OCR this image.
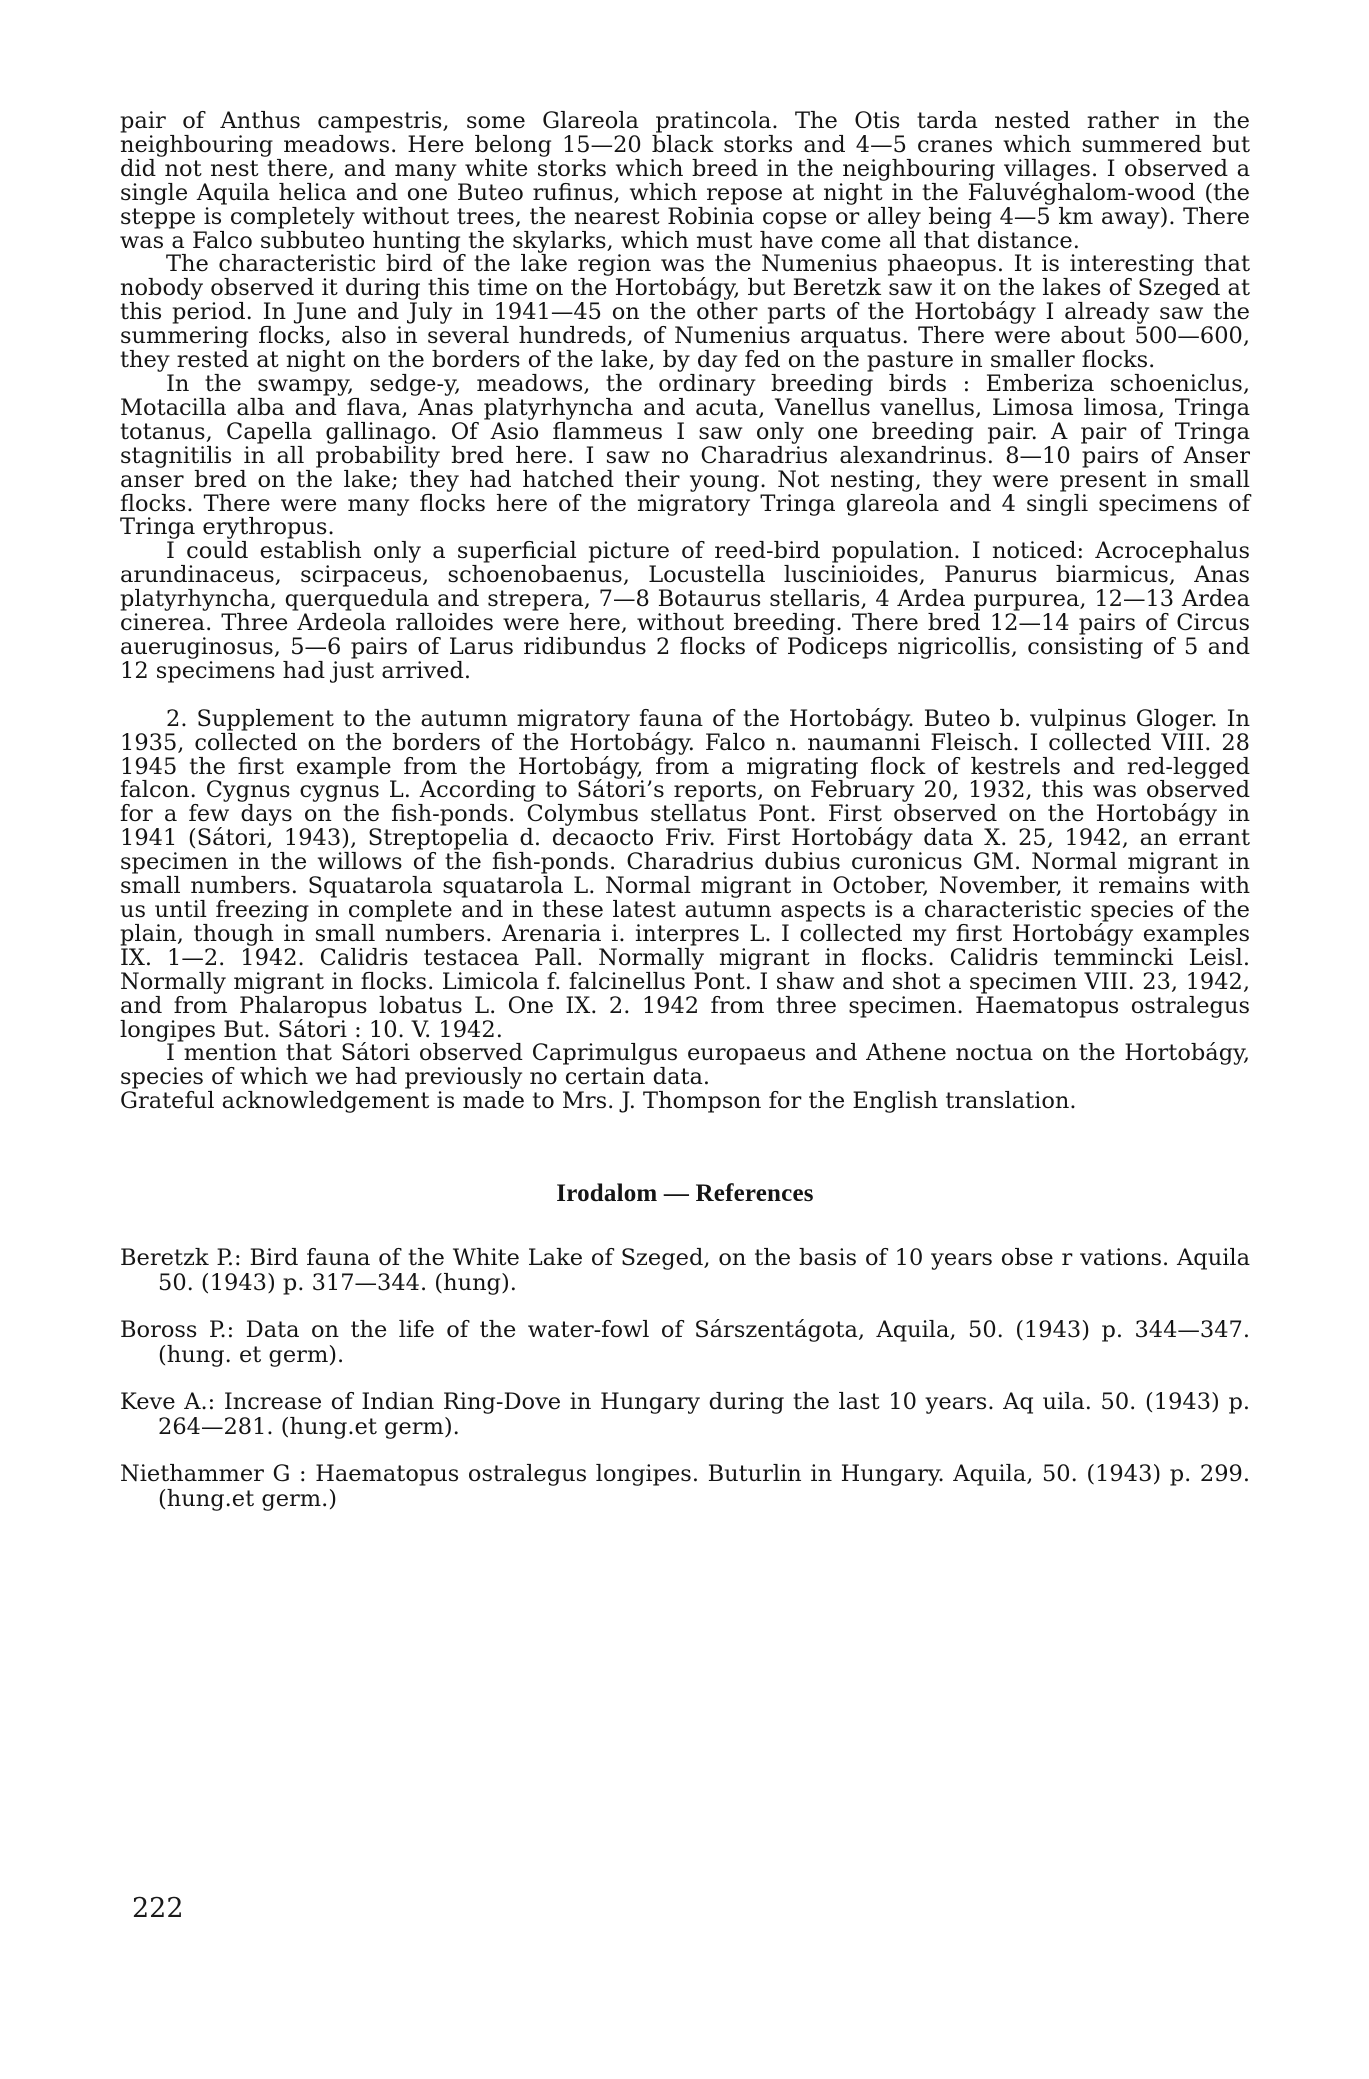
pair of Anthus campestris, some Glareola pratincola. The Otis tarda nested rather in the neighbouring meadows. Here belong 15—20 black storks and 4—5 cranes which summered but did not nest there, and many white storks which breed in the neighbouring villages. I observed a single Aquila helica and one Buteo rufinus, which repose at night in the Faluvéghalom-wood (the steppe is completely without trees, the nearest Robinia copse or alley being 4—5 km away). There was a Falco subbuteo hunting the skylarks, which must have come all that distance.

The characteristic bird of the lake region was the Numenius phaeopus. It is interesting that nobody observed it during this time on the Hortobágy, but Beretzk saw it on the lakes of Szeged at this period. In June and July in 1941—45 on the other parts of the Hortobágy I already saw the summering flocks, also in several hundreds, of Numenius arquatus. There were about 500—600, they rested at night on the borders of the lake, by day fed on the pasture in smaller flocks.

In the swampy, sedge-y, meadows, the ordinary breeding birds : Emberiza schoeniclus, Motacilla alba and flava, Anas platyrhyncha and acuta, Vanellus vanellus, Limosa limosa, Tringa totanus, Capella gallinago. Of Asio flammeus I saw only one breeding pair. A pair of Tringa stagnitilis in all probability bred here. I saw no Charadrius alexandrinus. 8—10 pairs of Anser anser bred on the lake; they had hatched their young. Not nesting, they were present in small flocks. There were many flocks here of the migratory Tringa glareola and 4 singli specimens of Tringa erythropus.

I could establish only a superficial picture of reed-bird population. I noticed: Acrocephalus arundinaceus, scirpaceus, schoenobaenus, Locustella luscinioides, Panurus biarmicus, Anas platyrhyncha, querquedula and strepera, 7—8 Botaurus stellaris, 4 Ardea purpurea, 12—13 Ardea cinerea. Three Ardeola ralloides were here, without breeding. There bred 12—14 pairs of Circus aueruginosus, 5—6 pairs of Larus ridibundus 2 flocks of Podiceps nigricollis, consisting of 5 and 12 specimens had just arrived.

2. Supplement to the autumn migratory fauna of the Hortobágy. Buteo b. vulpinus Gloger. In 1935, collected on the borders of the Hortobágy. Falco n. naumanni Fleisch. I collected VIII. 28 1945 the first example from the Hortobágy, from a migrating flock of kestrels and red-legged falcon. Cygnus cygnus L. According to Sátori’s reports, on February 20, 1932, this was observed for a few days on the fish-ponds. Colymbus stellatus Pont. First observed on the Hortobágy in 1941 (Sátori, 1943), Streptopelia d. decaocto Friv. First Hortobágy data X. 25, 1942, an errant specimen in the willows of the fish-ponds. Charadrius dubius curonicus GM. Normal migrant in small numbers. Squatarola squatarola L. Normal migrant in October, November, it remains with us until freezing in complete and in these latest autumn aspects is a characteristic species of the plain, though in small numbers. Arenaria i. interpres L. I collected my first Hortobágy examples IX. 1—2. 1942. Calidris testacea Pall. Normally migrant in flocks. Calidris temmincki Leisl. Normally migrant in flocks. Limicola f. falcinellus Pont. I shaw and shot a specimen VIII. 23, 1942, and from Phalaropus lobatus L. One IX. 2. 1942 from three specimen. Haematopus ostralegus longipes But. Sátori : 10. V. 1942.

I mention that Sátori observed Caprimulgus europaeus and Athene noctua on the Hortobágy, species of which we had previously no certain data.

Grateful acknowledgement is made to Mrs. J. Thompson for the English translation.

Irodalom — References

Beretzk P.: Bird fauna of the White Lake of Szeged, on the basis of 10 years obse r vations. Aquila 50. (1943) p. 317—344. (hung).

Boross P.: Data on the life of the water-fowl of Sárszentágota, Aquila, 50. (1943) p. 344—347. (hung. et germ).

Keve A.: Increase of Indian Ring-Dove in Hungary during the last 10 years. Aq uila. 50. (1943) p. 264—281. (hung.et germ).

Niethammer G : Haematopus ostralegus longipes. Buturlin in Hungary. Aquila, 50. (1943) p. 299. (hung.et germ.)

222
